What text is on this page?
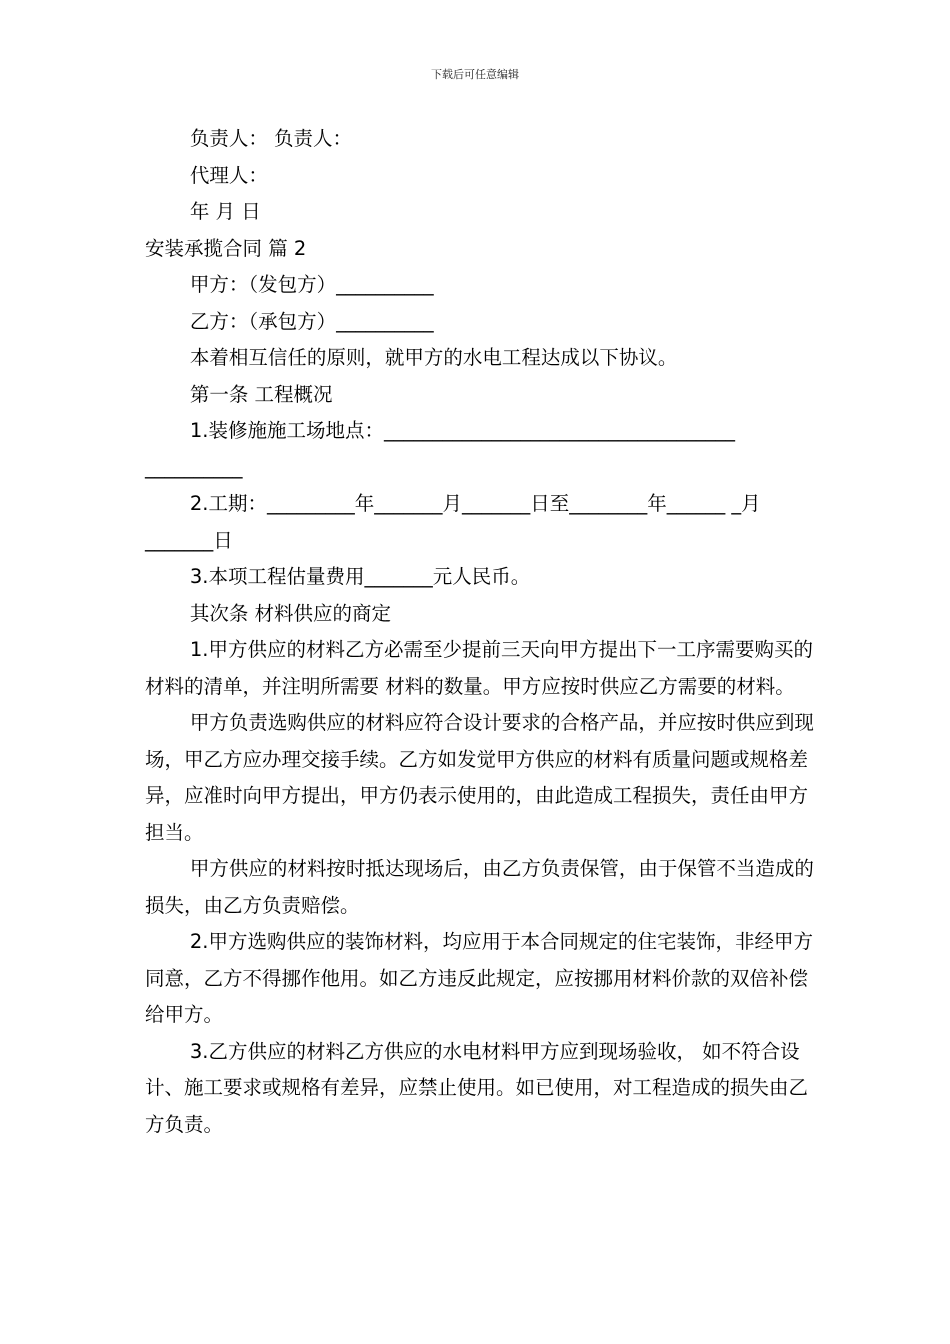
下载后可任意编辑

负责人： 负责人：

代理人：

年 月 日

安装承揽合同 篇 2

甲方：（发包方）__________

乙方：（承包方）__________

本着相互信任的原则，就甲方的水电工程达成以下协议。

第一条 工程概况

1.装修施施工场地点：____________________________________ __________

2.工期：_________年_______月_______日至________年______ _月_______日

3.本项工程估量费用_______元人民币。

其次条 材料供应的商定

1.甲方供应的材料乙方必需至少提前三天向甲方提出下一工序需要购买的材料的清单，并注明所需要 材料的数量。甲方应按时供应乙方需要的材料。

甲方负责选购供应的材料应符合设计要求的合格产品，并应按时供应到现场，甲乙方应办理交接手续。乙方如发觉甲方供应的材料有质量问题或规格差异，应准时向甲方提出，甲方仍表示使用的，由此造成工程损失，责任由甲方担当。

甲方供应的材料按时抵达现场后，由乙方负责保管，由于保管不当造成的损失，由乙方负责赔偿。

2.甲方选购供应的装饰材料，均应用于本合同规定的住宅装饰，非经甲方同意，乙方不得挪作他用。如乙方违反此规定，应按挪用材料价款的双倍补偿给甲方。

3.乙方供应的材料乙方供应的水电材料甲方应到现场验收， 如不符合设计、施工要求或规格有差异，应禁止使用。如已使用，对工程造成的损失由乙方负责。
